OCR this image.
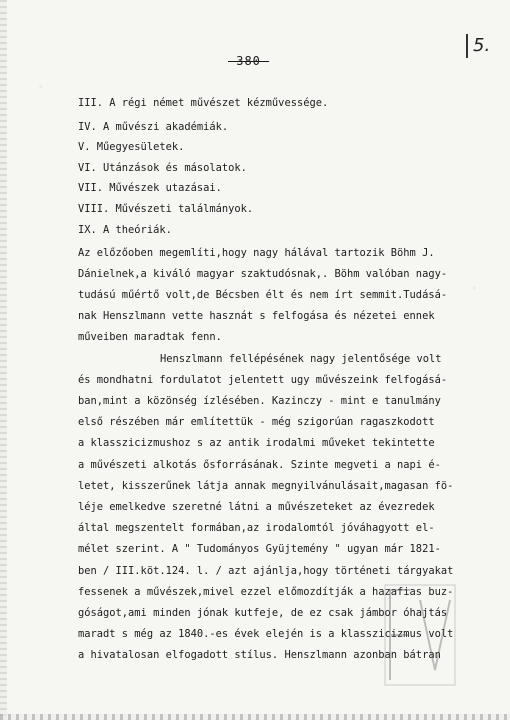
-380-
5.
III. A régi német művészet kézművessége.
IV. A művészi akadémiák.
V. Műegyesületek.
VI. Utánzások és másolatok.
VII. Művészek utazásai.
VIII. Művészeti találmányok.
IX. A theóriák.
Az előzőoben megemlíti,hogy nagy hálával tartozik Böhm J.
Dánielnek,a kiváló magyar szaktudósnak,. Böhm valóban nagy-
tudású műértő volt,de Bécsben élt és nem írt semmit.Tudásá-
nak Henszlmann vette hasznát s felfogása és nézetei ennek
műveiben maradtak fenn.
Henszlmann fellépésének nagy jelentősége volt
és mondhatni fordulatot jelentett ugy művészeink felfogásá-
ban,mint a közönség ízlésében. Kazinczy - mint e tanulmány
első részében már említettük - még szigorúan ragaszkodott
a klasszicizmushoz s az antik irodalmi műveket tekintette
a művészeti alkotás ősforrásának. Szinte megveti a napi é-
letet, kisszerűnek látja annak megnyilvánulásait,magasan fö-
léje emelkedve szeretné látni a művészeteket az évezredek
által megszentelt formában,az irodalomtól jóváhagyott el-
mélet szerint. A " Tudományos Gyüjtemény " ugyan már 1821-
ben / III.köt.124. l. / azt ajánlja,hogy történeti tárgyakat
fessenek a művészek,mivel ezzel előmozdítják a hazafias buz-
góságot,ami minden jónak kutfeje, de ez csak jámbor óhajtás
maradt s még az 1840.-es évek elején is a klasszicizmus volt
a hivatalosan elfogadott stílus. Henszlmann azonban bátran
